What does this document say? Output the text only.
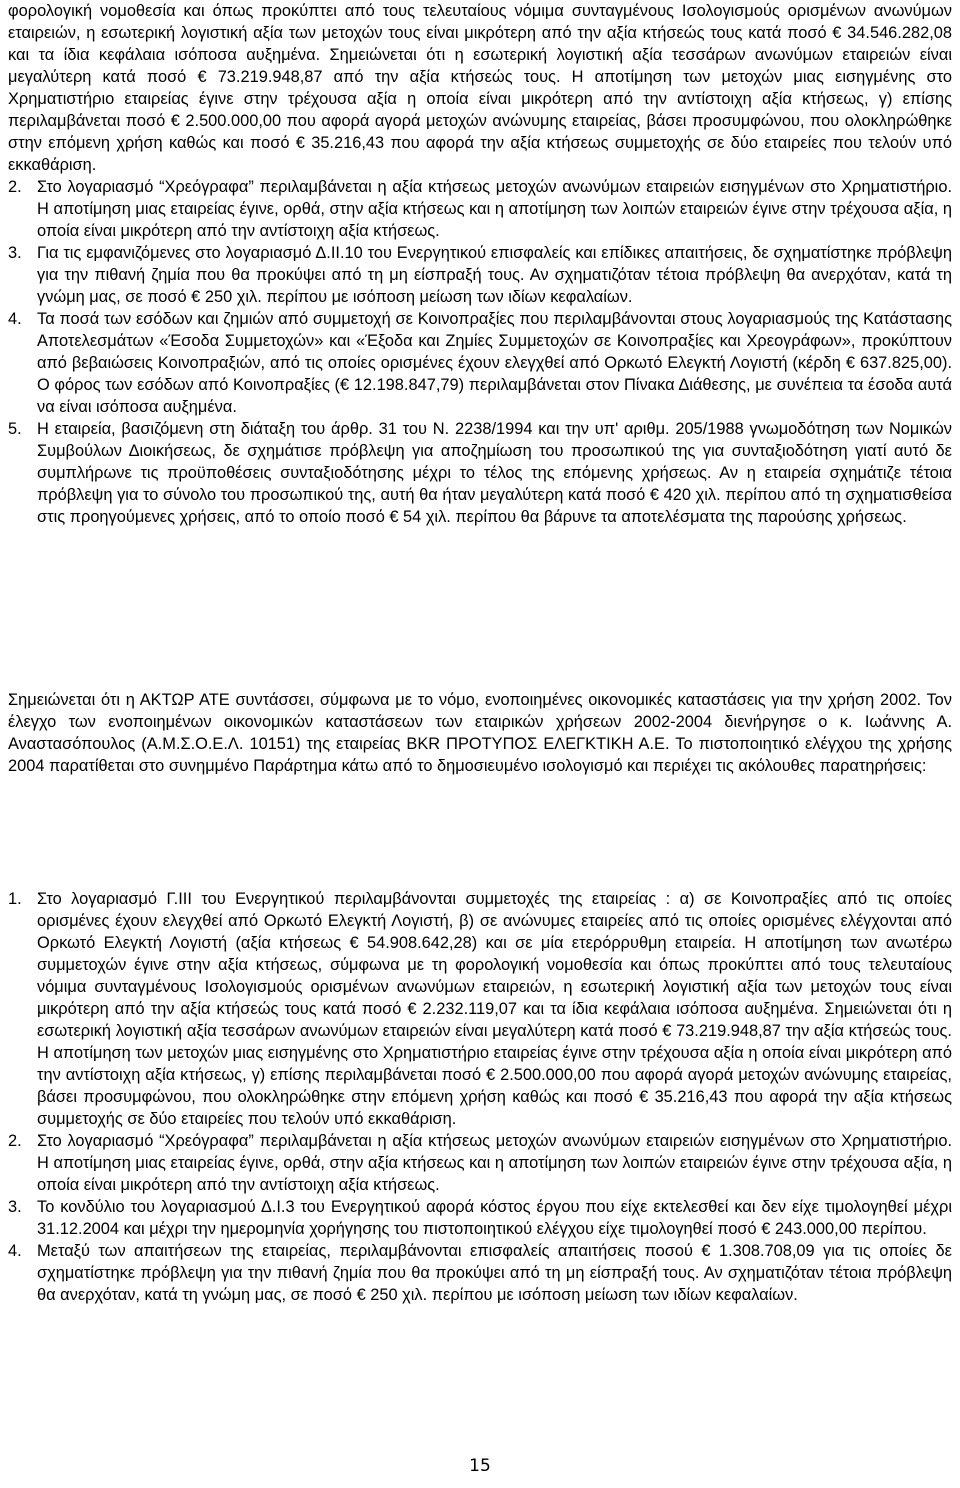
φορολογική νομοθεσία και όπως προκύπτει από τους τελευταίους νόμιμα συνταγμένους Ισολογισμούς ορισμένων ανωνύμων εταιρειών, η εσωτερική λογιστική αξία των μετοχών τους είναι μικρότερη από την αξία κτήσεώς τους κατά ποσό € 34.546.282,08 και τα ίδια κεφάλαια ισόποσα αυξημένα. Σημειώνεται ότι η εσωτερική λογιστική αξία τεσσάρων ανωνύμων εταιρειών είναι μεγαλύτερη κατά ποσό € 73.219.948,87 από την αξία κτήσεώς τους. Η αποτίμηση των μετοχών μιας εισηγμένης στο Χρηματιστήριο εταιρείας έγινε στην τρέχουσα αξία η οποία είναι μικρότερη από την αντίστοιχη αξία κτήσεως, γ) επίσης περιλαμβάνεται ποσό € 2.500.000,00 που αφορά αγορά μετοχών ανώνυμης εταιρείας, βάσει προσυμφώνου, που ολοκληρώθηκε στην επόμενη χρήση καθώς και ποσό € 35.216,43 που αφορά την αξία κτήσεως συμμετοχής σε δύο εταιρείες που τελούν υπό εκκαθάριση.

2. Στο λογαριασμό “Χρεόγραφα” περιλαμβάνεται η αξία κτήσεως μετοχών ανωνύμων εταιρειών εισηγμένων στο Χρηματιστήριο. Η αποτίμηση μιας εταιρείας έγινε, ορθά, στην αξία κτήσεως και η αποτίμηση των λοιπών εταιρειών έγινε στην τρέχουσα αξία, η οποία είναι μικρότερη από την αντίστοιχη αξία κτήσεως.

3. Για τις εμφανιζόμενες στο λογαριασμό Δ.ΙΙ.10 του Ενεργητικού επισφαλείς και επίδικες απαιτήσεις, δε σχηματίστηκε πρόβλεψη για την πιθανή ζημία που θα προκύψει από τη μη είσπραξή τους. Αν σχηματιζόταν τέτοια πρόβλεψη θα ανερχόταν, κατά τη γνώμη μας, σε ποσό € 250 χιλ. περίπου με ισόποση μείωση των ιδίων κεφαλαίων.

4. Τα ποσά των εσόδων και ζημιών από συμμετοχή σε Κοινοπραξίες που περιλαμβάνονται στους λογαριασμούς της Κατάστασης Αποτελεσμάτων «Έσοδα Συμμετοχών» και «Έξοδα και Ζημίες Συμμετοχών σε Κοινοπραξίες και Χρεογράφων», προκύπτουν από βεβαιώσεις Κοινοπραξιών, από τις οποίες ορισμένες έχουν ελεγχθεί από Ορκωτό Ελεγκτή Λογιστή (κέρδη € 637.825,00). Ο φόρος των εσόδων από Κοινοπραξίες (€ 12.198.847,79) περιλαμβάνεται στον Πίνακα Διάθεσης, με συνέπεια τα έσοδα αυτά να είναι ισόποσα αυξημένα.

5. Η εταιρεία, βασιζόμενη στη διάταξη του άρθρ. 31 του Ν. 2238/1994 και την υπ' αριθμ. 205/1988 γνωμοδότηση των Νομικών Συμβούλων Διοικήσεως, δε σχημάτισε πρόβλεψη για αποζημίωση του προσωπικού της για συνταξιοδότηση γιατί αυτό δε συμπλήρωνε τις προϋποθέσεις συνταξιοδότησης μέχρι το τέλος της επόμενης χρήσεως. Αν η εταιρεία σχημάτιζε τέτοια πρόβλεψη για το σύνολο του προσωπικού της, αυτή θα ήταν μεγαλύτερη κατά ποσό € 420 χιλ. περίπου από τη σχηματισθείσα στις προηγούμενες χρήσεις, από το οποίο ποσό € 54 χιλ. περίπου θα βάρυνε τα αποτελέσματα της παρούσης χρήσεως.

Σημειώνεται ότι η ΑΚΤΩΡ ΑΤΕ συντάσσει, σύμφωνα με το νόμο, ενοποιημένες οικονομικές καταστάσεις για την χρήση 2002. Τον έλεγχο των ενοποιημένων οικονομικών καταστάσεων των εταιρικών χρήσεων 2002-2004 διενήργησε ο κ. Ιωάννης Α. Αναστασόπουλος (Α.Μ.Σ.Ο.Ε.Λ. 10151) της εταιρείας BKR ΠΡΟΤΥΠΟΣ ΕΛΕΓΚΤΙΚΗ Α.Ε. Το πιστοποιητικό ελέγχου της χρήσης 2004 παρατίθεται στο συνημμένο Παράρτημα κάτω από το δημοσιευμένο ισολογισμό και περιέχει τις ακόλουθες παρατηρήσεις:

1. Στο λογαριασμό Γ.ΙΙΙ του Ενεργητικού περιλαμβάνονται συμμετοχές της εταιρείας : α) σε Κοινοπραξίες από τις οποίες ορισμένες έχουν ελεγχθεί από Ορκωτό Ελεγκτή Λογιστή, β) σε ανώνυμες εταιρείες από τις οποίες ορισμένες ελέγχονται από Ορκωτό Ελεγκτή Λογιστή (αξία κτήσεως € 54.908.642,28) και σε μία ετερόρρυθμη εταιρεία. Η αποτίμηση των ανωτέρω συμμετοχών έγινε στην αξία κτήσεως, σύμφωνα με τη φορολογική νομοθεσία και όπως προκύπτει από τους τελευταίους νόμιμα συνταγμένους Ισολογισμούς ορισμένων ανωνύμων εταιρειών, η εσωτερική λογιστική αξία των μετοχών τους είναι μικρότερη από την αξία κτήσεώς τους κατά ποσό € 2.232.119,07 και τα ίδια κεφάλαια ισόποσα αυξημένα. Σημειώνεται ότι η εσωτερική λογιστική αξία τεσσάρων ανωνύμων εταιρειών είναι μεγαλύτερη κατά ποσό € 73.219.948,87 την αξία κτήσεώς τους. Η αποτίμηση των μετοχών μιας εισηγμένης στο Χρηματιστήριο εταιρείας έγινε στην τρέχουσα αξία η οποία είναι μικρότερη από την αντίστοιχη αξία κτήσεως, γ) επίσης περιλαμβάνεται ποσό € 2.500.000,00 που αφορά αγορά μετοχών ανώνυμης εταιρείας, βάσει προσυμφώνου, που ολοκληρώθηκε στην επόμενη χρήση καθώς και ποσό € 35.216,43 που αφορά την αξία κτήσεως συμμετοχής σε δύο εταιρείες που τελούν υπό εκκαθάριση.

2. Στο λογαριασμό “Χρεόγραφα” περιλαμβάνεται η αξία κτήσεως μετοχών ανωνύμων εταιρειών εισηγμένων στο Χρηματιστήριο. Η αποτίμηση μιας εταιρείας έγινε, ορθά, στην αξία κτήσεως και η αποτίμηση των λοιπών εταιρειών έγινε στην τρέχουσα αξία, η οποία είναι μικρότερη από την αντίστοιχη αξία κτήσεως.

3. Το κονδύλιο του λογαριασμού Δ.Ι.3 του Ενεργητικού αφορά κόστος έργου που είχε εκτελεσθεί και δεν είχε τιμολογηθεί μέχρι 31.12.2004 και μέχρι την ημερομηνία χορήγησης του πιστοποιητικού ελέγχου είχε τιμολογηθεί ποσό € 243.000,00 περίπου.

4. Μεταξύ των απαιτήσεων της εταιρείας, περιλαμβάνονται επισφαλείς απαιτήσεις ποσού € 1.308.708,09 για τις οποίες δε σχηματίστηκε πρόβλεψη για την πιθανή ζημία που θα προκύψει από τη μη είσπραξή τους. Αν σχηματιζόταν τέτοια πρόβλεψη θα ανερχόταν, κατά τη γνώμη μας, σε ποσό € 250 χιλ. περίπου με ισόποση μείωση των ιδίων κεφαλαίων.

15
